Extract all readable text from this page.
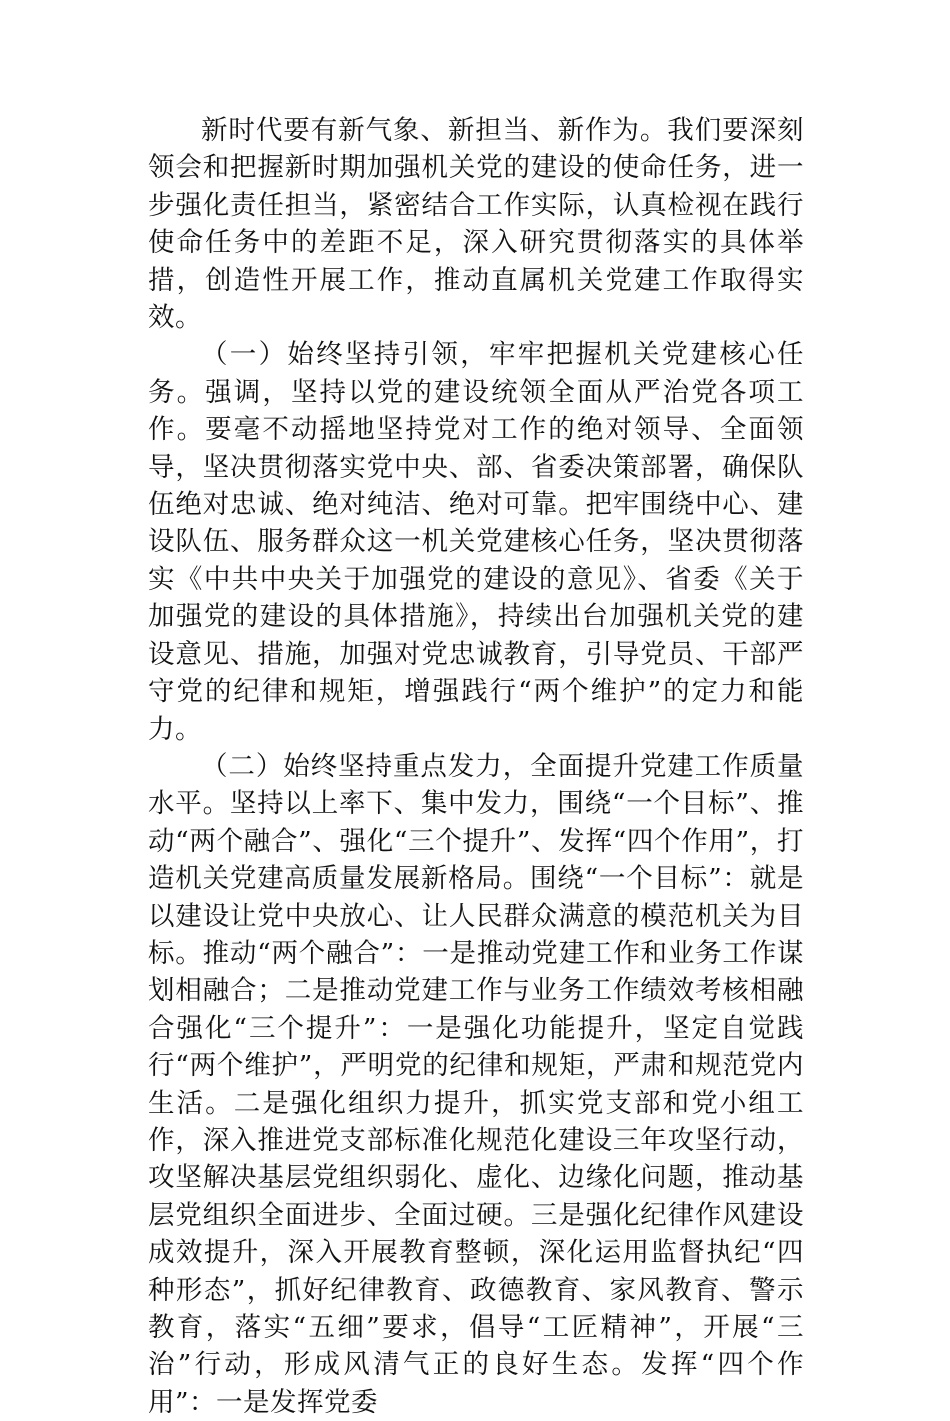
新时代要有新气象、新担当、新作为。我们要深刻领会和把握新时期加强机关党的建设的使命任务，进一步强化责任担当，紧密结合工作实际，认真检视在践行使命任务中的差距不足，深入研究贯彻落实的具体举措，创造性开展工作，推动直属机关党建工作取得实效。

（一）始终坚持引领，牢牢把握机关党建核心任务。强调，坚持以党的建设统领全面从严治党各项工作。要毫不动摇地坚持党对工作的绝对领导、全面领导，坚决贯彻落实党中央、部、省委决策部署，确保队伍绝对忠诚、绝对纯洁、绝对可靠。把牢围绕中心、建设队伍、服务群众这一机关党建核心任务，坚决贯彻落实《中共中央关于加强党的建设的意见》、省委《关于加强党的建设的具体措施》，持续出台加强机关党的建设意见、措施，加强对党忠诚教育，引导党员、干部严守党的纪律和规矩，增强践行“两个维护”的定力和能力。

（二）始终坚持重点发力，全面提升党建工作质量水平。坚持以上率下、集中发力，围绕“一个目标”、推动“两个融合”、强化“三个提升”、发挥“四个作用”，打造机关党建高质量发展新格局。围绕“一个目标”：就是以建设让党中央放心、让人民群众满意的模范机关为目标。推动“两个融合”：一是推动党建工作和业务工作谋划相融合；二是推动党建工作与业务工作绩效考核相融合强化“三个提升”：一是强化功能提升，坚定自觉践行“两个维护”，严明党的纪律和规矩，严肃和规范党内生活。二是强化组织力提升，抓实党支部和党小组工作，深入推进党支部标准化规范化建设三年攻坚行动，攻坚解决基层党组织弱化、虚化、边缘化问题，推动基层党组织全面进步、全面过硬。三是强化纪律作风建设成效提升，深入开展教育整顿，深化运用监督执纪“四种形态”，抓好纪律教育、政德教育、家风教育、警示教育，落实“五细”要求，倡导“工匠精神”，开展“三治”行动，形成风清气正的良好生态。发挥“四个作用”：一是发挥党委
